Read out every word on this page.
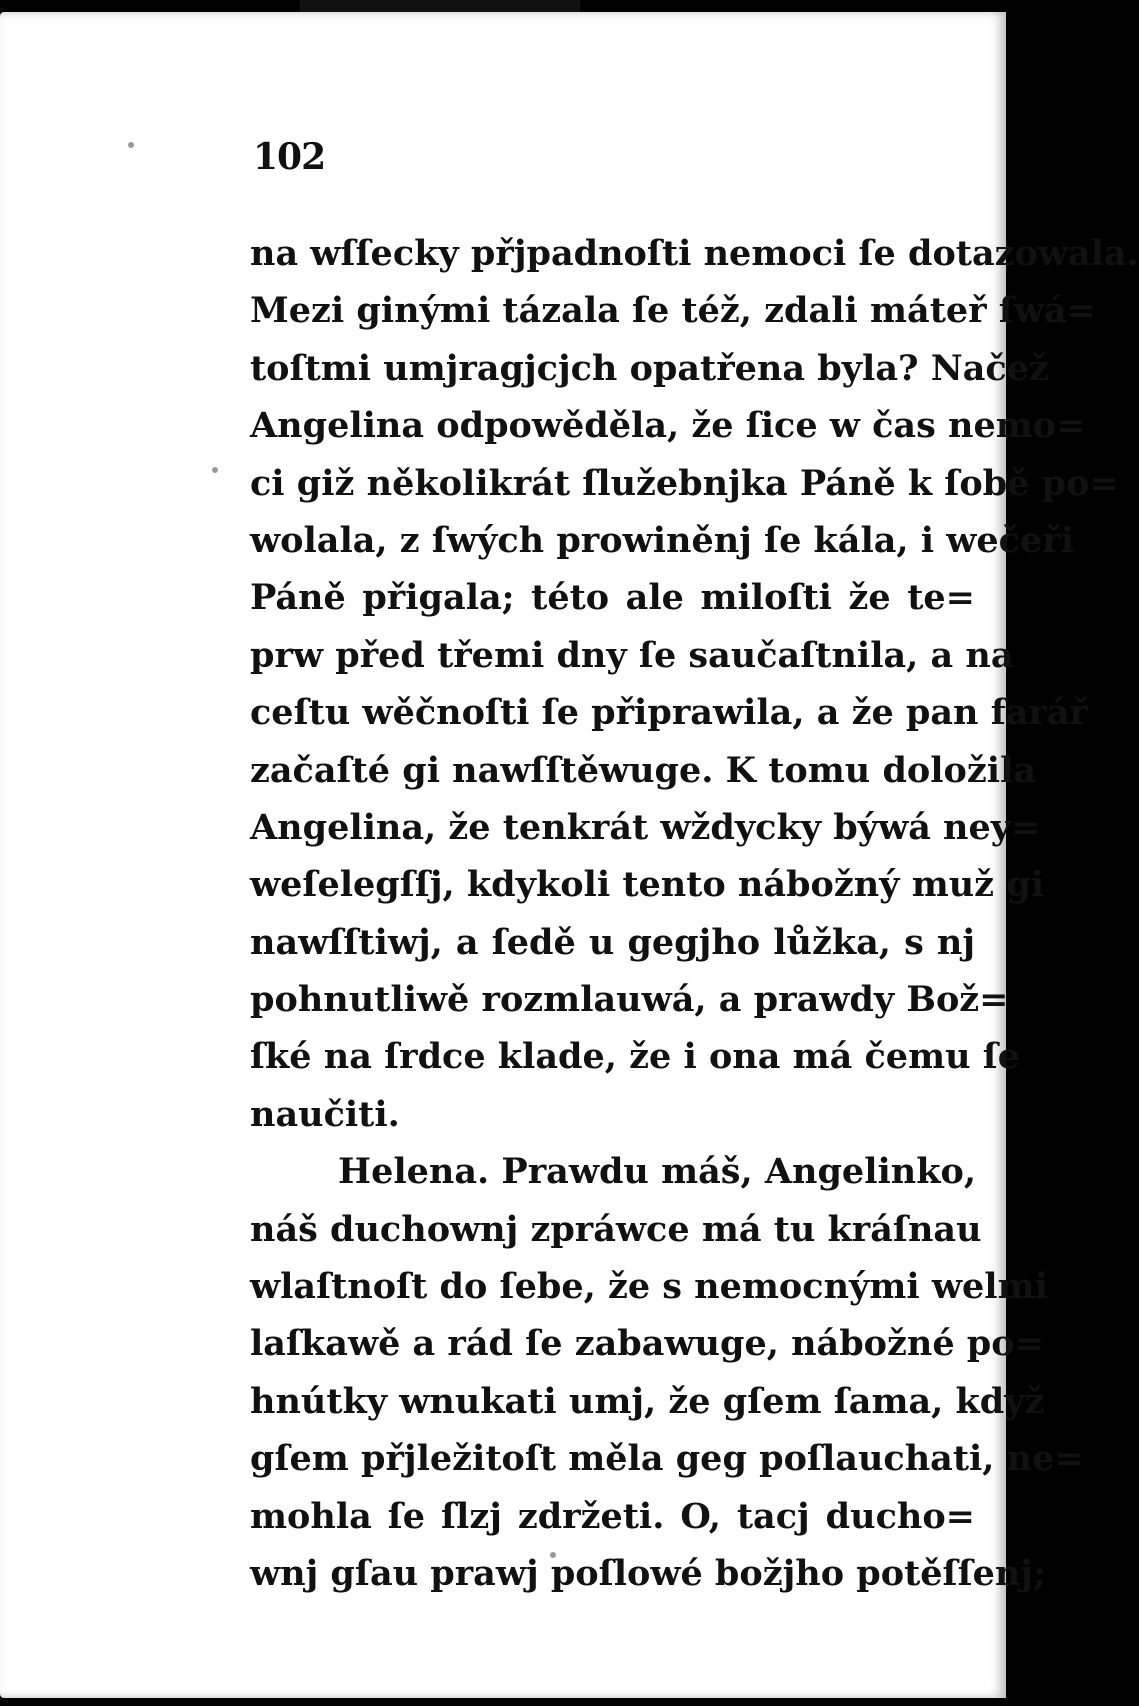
102
na wſſecky přjpadnoſti nemoci ſe dotazowala.
Mezi ginými tázala ſe též, zdali máteř ſwá=
toſtmi umjragjcjch opatřena byla? Načež
Angelina odpowěděla, že ſice w čas nemo=
ci giž několikrát ſlužebnjka Páně k ſobě po=
wolala, z ſwých prowiněnj ſe kála, i wečeři
Páně přigala; této ale miloſti že te=
prw před třemi dny ſe saučaſtnila, a na
ceſtu wěčnoſti ſe připrawila, a že pan farář
začaſté gi nawſſtěwuge. K tomu doložila
Angelina, že tenkrát wždycky býwá ney=
weſelegſſj, kdykoli tento nábožný muž gi
nawſſtiwj, a ſedě u gegjho lůžka, s nj
pohnutliwě rozmlauwá, a prawdy Bož=
ſké na ſrdce klade, že i ona má čemu ſe
naučiti.
Helena. Prawdu máš, Angelinko,
náš duchownj zpráwce má tu kráſnau
wlaſtnoſt do ſebe, že s nemocnými welmi
laſkawě a rád ſe zabawuge, nábožné po=
hnútky wnukati umj, že gſem ſama, když
gſem přjležitoſt měla geg poſlauchati, ne=
mohla ſe ſlzj zdržeti. O, tacj ducho=
wnj gſau prawj poſlowé božjho potěſſenj;
